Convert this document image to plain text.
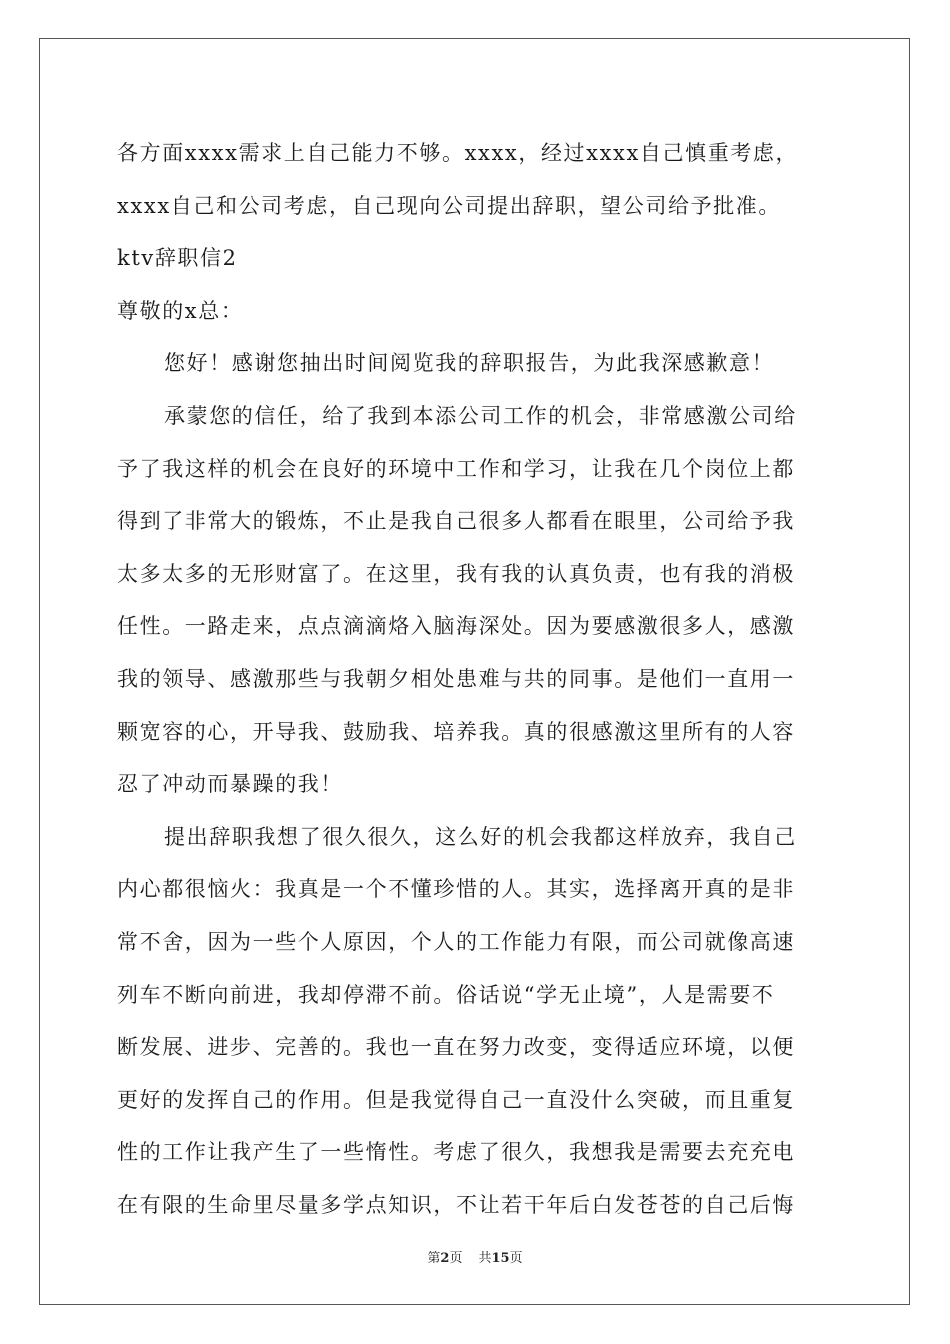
各方面xxxx需求上自己能力不够。xxxx，经过xxxx自己慎重考虑，
xxxx自己和公司考虑，自己现向公司提出辞职，望公司给予批准。
ktv辞职信2
尊敬的x总：
您好！感谢您抽出时间阅览我的辞职报告，为此我深感歉意！
承蒙您的信任，给了我到本添公司工作的机会，非常感激公司给
予了我这样的机会在良好的环境中工作和学习，让我在几个岗位上都
得到了非常大的锻炼，不止是我自己很多人都看在眼里，公司给予我
太多太多的无形财富了。在这里，我有我的认真负责，也有我的消极
任性。一路走来，点点滴滴烙入脑海深处。因为要感激很多人，感激
我的领导、感激那些与我朝夕相处患难与共的同事。是他们一直用一
颗宽容的心，开导我、鼓励我、培养我。真的很感激这里所有的人容
忍了冲动而暴躁的我！
提出辞职我想了很久很久，这么好的机会我都这样放弃，我自己
内心都很恼火：我真是一个不懂珍惜的人。其实，选择离开真的是非
常不舍，因为一些个人原因，个人的工作能力有限，而公司就像高速
列车不断向前进，我却停滞不前。俗话说“学无止境”，人是需要不
断发展、进步、完善的。我也一直在努力改变，变得适应环境，以便
更好的发挥自己的作用。但是我觉得自己一直没什么突破，而且重复
性的工作让我产生了一些惰性。考虑了很久，我想我是需要去充充电
在有限的生命里尽量多学点知识，不让若干年后白发苍苍的自己后悔
第2页 共15页
